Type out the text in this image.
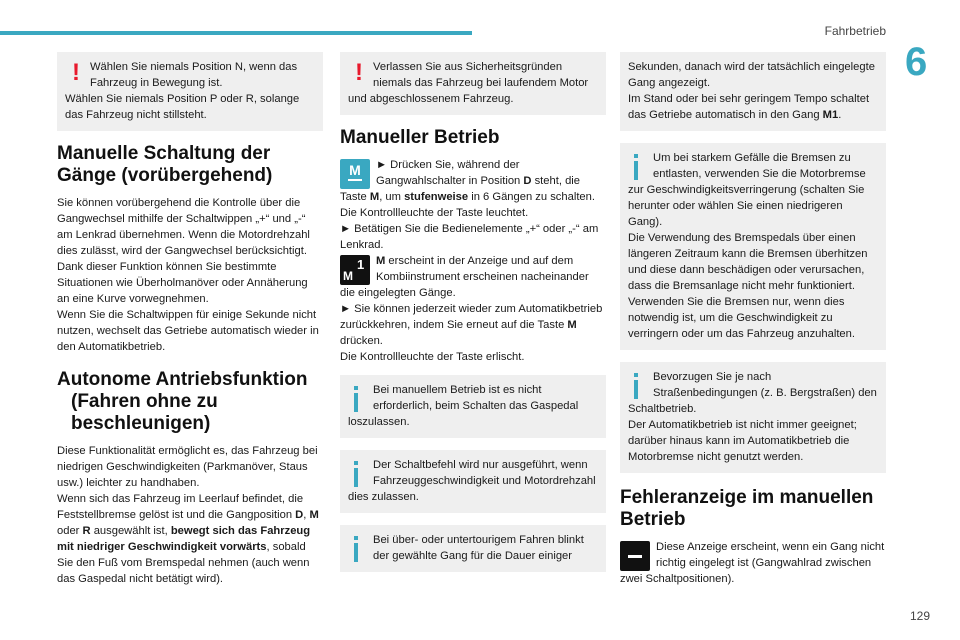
Fahrbetrieb
6
! Wählen Sie niemals Position N, wenn das Fahrzeug in Bewegung ist.

Wählen Sie niemals Position P oder R, solange das Fahrzeug nicht stillsteht.

Manuelle Schaltung der
Gänge (vorübergehend)

Sie können vorübergehend die Kontrolle über die Gangwechsel mithilfe der Schaltwippen „+“ und „-“ am Lenkrad übernehmen. Wenn die Motordrehzahl dies zulässt, wird der Gangwechsel berücksichtigt. Dank dieser Funktion können Sie bestimmte Situationen wie Überholmanöver oder Annäherung an eine Kurve vorwegnehmen.

Wenn Sie die Schaltwippen für einige Sekunde nicht nutzen, wechselt das Getriebe automatisch wieder in den Automatikbetrieb.

Autonome Antriebsfunktion
(Fahren ohne zu
beschleunigen)

Diese Funktionalität ermöglicht es, das Fahrzeug bei niedrigen Geschwindigkeiten (Parkmanöver, Staus usw.) leichter zu handhaben.

Wenn sich das Fahrzeug im Leerlauf befindet, die Feststellbremse gelöst ist und die Gangposition D, M
oder R ausgewählt ist, bewegt sich das Fahrzeug mit niedriger Geschwindigkeit vorwärts, sobald Sie den Fuß vom Bremspedal nehmen (auch wenn das Gaspedal nicht betätigt wird).

! Verlassen Sie aus Sicherheitsgründen niemals das Fahrzeug bei laufendem Motor und abgeschlossenem Fahrzeug.

Manueller Betrieb
M	► Drücken Sie, während der Gangwahlschalter in Position D steht, die Taste M, um stufenweise in 6 Gängen zu schalten.

Die Kontrollleuchte der Taste leuchtet.

► Betätigen Sie die Bedienelemente „+“ oder „-“ am Lenkrad.

M
1	M erscheint in der Anzeige und auf dem Kombiinstrument erscheinen nacheinander die eingelegten Gänge.

► Sie können jederzeit wieder zum Automatikbetrieb zurückkehren, indem Sie erneut auf die Taste M drücken.

Die Kontrollleuchte der Taste erlischt.

Bei manuellem Betrieb ist es nicht erforderlich, beim Schalten das Gaspedal loszulassen.

Der Schaltbefehl wird nur ausgeführt, wenn Fahrzeuggeschwindigkeit und Motordrehzahl dies zulassen.

Bei über- oder untertourigem Fahren blinkt der gewählte Gang für die Dauer einiger

Sekunden, danach wird der tatsächlich eingelegte Gang angezeigt.

Im Stand oder bei sehr geringem Tempo schaltet das Getriebe automatisch in den Gang M1.

Um bei starkem Gefälle die Bremsen zu entlasten, verwenden Sie die Motorbremse zur Geschwindigkeitsverringerung (schalten Sie herunter oder wählen Sie einen niedrigeren Gang).

Die Verwendung des Bremspedals über einen längeren Zeitraum kann die Bremsen überhitzen und diese dann beschädigen oder verursachen, dass die Bremsanlage nicht mehr funktioniert. Verwenden Sie die Bremsen nur, wenn dies notwendig ist, um die Geschwindigkeit zu verringern oder um das Fahrzeug anzuhalten.

Bevorzugen Sie je nach Straßenbedingungen (z. B. Bergstraßen) den Schaltbetrieb.

Der Automatikbetrieb ist nicht immer geeignet; darüber hinaus kann im Automatikbetrieb die Motorbremse nicht genutzt werden.

Fehleranzeige im manuellen
Betrieb

Diese Anzeige erscheint, wenn ein Gang nicht richtig eingelegt ist (Gangwahlrad zwischen zwei Schaltpositionen).

129
